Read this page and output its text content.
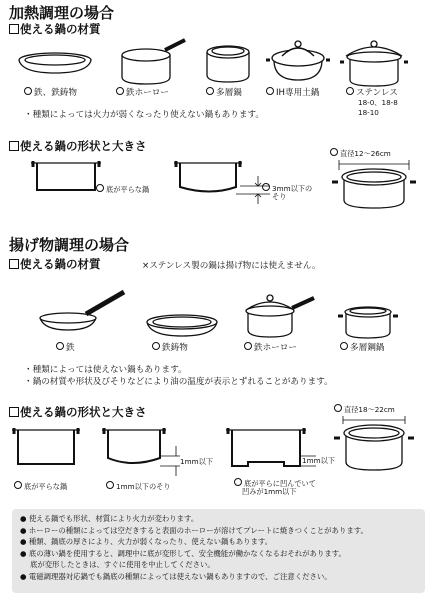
加熱調理の場合
使える鍋の材質
鉄、鉄鋳物	鉄ホーロー	多層鍋	IH専用土鍋	ステンレス
18-0、18-8
18-10
・種類によっては火力が弱くなったり使えない鍋もあります。
使える鍋の形状と大きさ
直径12～26cm
底が平らな鍋	3mm以下の
そり
揚げ物調理の場合
使える鍋の材質	×ステンレス製の鍋は揚げ物には使えません。
鉄	鉄鋳物	鉄ホーロー	多層鋼鍋
・種類によっては使えない鍋もあります。
・鍋の材質や形状及びそりなどにより油の温度が表示とずれることがあります。
使える鍋の形状と大きさ	直径18～22cm
1mm以下	1mm以下
底が平らな鍋	1mm以下のそり	底が平らに凹んでいて
凹みが1mm以下
● 使える鍋でも形状、材質により火力が変わります。
● ホーローの種類によっては空だきすると表面のホーローが溶けてプレートに焼きつくことがあります。
● 種類、鍋底の厚さにより、火力が弱くなったり、使えない鍋もあります。
● 底の薄い鍋を使用すると、調理中に底が変形して、安全機能が働かなくなるおそれがあります。
底が変形したときは、すぐに使用を中止してください。
● 電磁調理器対応鍋でも鍋底の種類によっては使えない鍋もありますので、ご注意ください。
